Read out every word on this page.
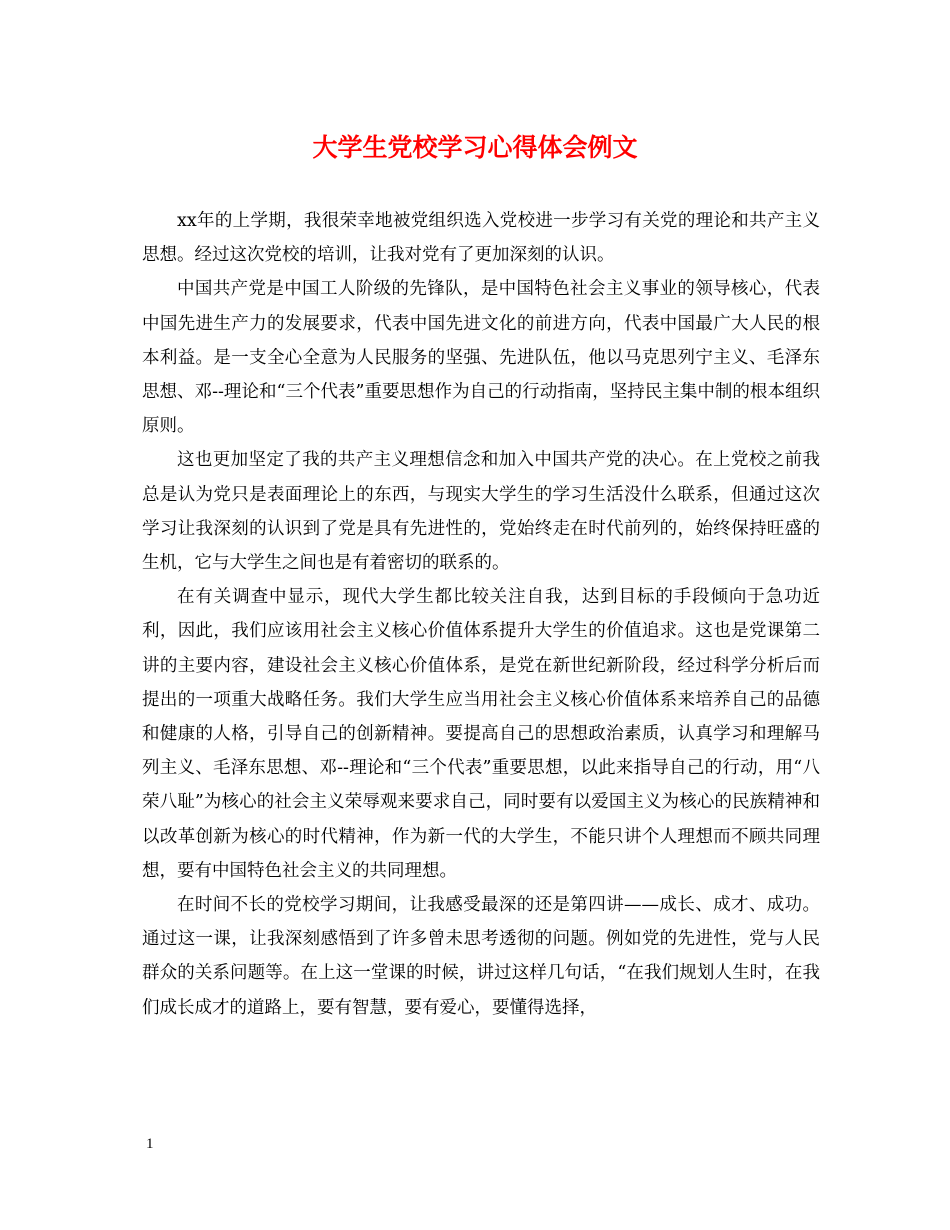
大学生党校学习心得体会例文

xx年的上学期，我很荣幸地被党组织选入党校进一步学习有关党的理论和共产主义思想。经过这次党校的培训，让我对党有了更加深刻的认识。

中国共产党是中国工人阶级的先锋队，是中国特色社会主义事业的领导核心，代表中国先进生产力的发展要求，代表中国先进文化的前进方向，代表中国最广大人民的根本利益。是一支全心全意为人民服务的坚强、先进队伍，他以马克思列宁主义、毛泽东思想、邓--理论和“三个代表”重要思想作为自己的行动指南，坚持民主集中制的根本组织原则。

这也更加坚定了我的共产主义理想信念和加入中国共产党的决心。在上党校之前我总是认为党只是表面理论上的东西，与现实大学生的学习生活没什么联系，但通过这次学习让我深刻的认识到了党是具有先进性的，党始终走在时代前列的，始终保持旺盛的生机，它与大学生之间也是有着密切的联系的。

在有关调查中显示，现代大学生都比较关注自我，达到目标的手段倾向于急功近利，因此，我们应该用社会主义核心价值体系提升大学生的价值追求。这也是党课第二讲的主要内容，建设社会主义核心价值体系，是党在新世纪新阶段，经过科学分析后而提出的一项重大战略任务。我们大学生应当用社会主义核心价值体系来培养自己的品德和健康的人格，引导自己的创新精神。要提高自己的思想政治素质，认真学习和理解马列主义、毛泽东思想、邓--理论和“三个代表”重要思想，以此来指导自己的行动，用“八荣八耻”为核心的社会主义荣辱观来要求自己，同时要有以爱国主义为核心的民族精神和以改革创新为核心的时代精神，作为新一代的大学生，不能只讲个人理想而不顾共同理想，要有中国特色社会主义的共同理想。

在时间不长的党校学习期间，让我感受最深的还是第四讲——成长、成才、成功。通过这一课，让我深刻感悟到了许多曾未思考透彻的问题。例如党的先进性，党与人民群众的关系问题等。在上这一堂课的时候，讲过这样几句话，“在我们规划人生时，在我们成长成才的道路上，要有智慧，要有爱心，要懂得选择，

1
